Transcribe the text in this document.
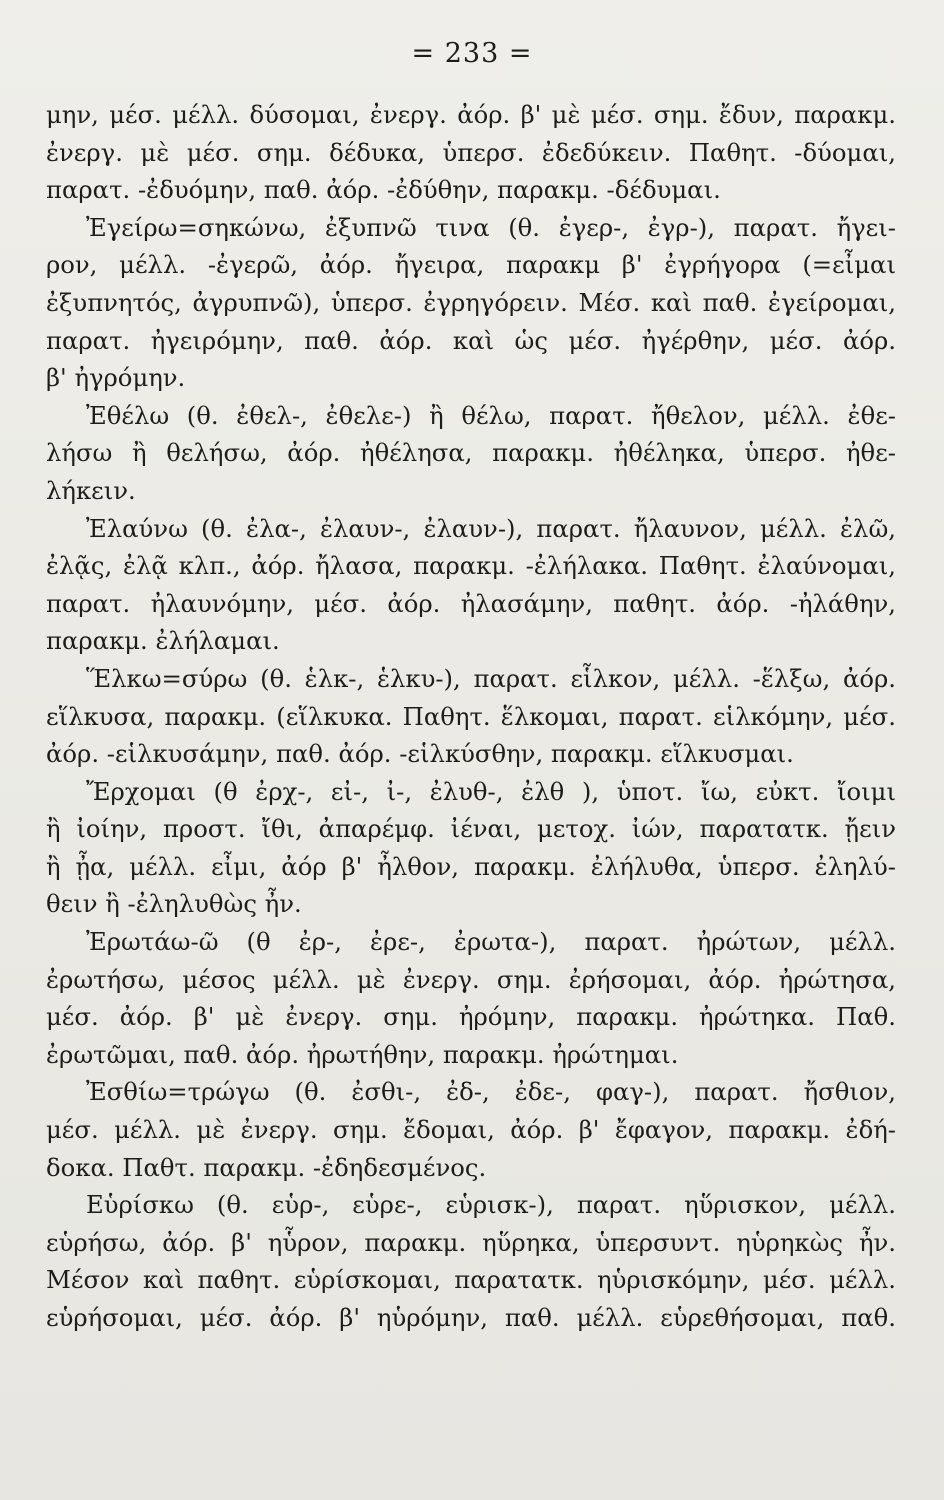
= 233 =
μην, μέσ. μέλλ. δύσομαι, ἐνεργ. ἀόρ. β' μὲ μέσ. σημ. ἔδυν, παρακμ.
ἐνεργ. μὲ μέσ. σημ. δέδυκα, ὑπερσ. ἐδεδύκειν. Παθητ. -δύομαι,
παρατ. -ἐδυόμην, παθ. ἀόρ. -ἐδύθην, παρακμ. -δέδυμαι.
Ἐγείρω=σηκώνω, ἐξυπνῶ τινα (θ. ἐγερ-, ἐγρ-), παρατ. ἤγει-
ρον, μέλλ. -ἐγερῶ, ἀόρ. ἤγειρα, παρακμ β' ἐγρήγορα (=εἶμαι
ἐξυπνητός, ἀγρυπνῶ), ὑπερσ. ἐγρηγόρειν. Μέσ. καὶ παθ. ἐγείρομαι,
παρατ. ἠγειρόμην, παθ. ἀόρ. καὶ ὡς μέσ. ἠγέρθην, μέσ. ἀόρ.
β' ἠγρόμην.
Ἐθέλω (θ. ἐθελ-, ἐθελε-) ἢ θέλω, παρατ. ἤθελον, μέλλ. ἐθε-
λήσω ἢ θελήσω, ἀόρ. ἠθέλησα, παρακμ. ἠθέληκα, ὑπερσ. ἠθε-
λήκειν.
Ἐλαύνω (θ. ἐλα-, ἐλαυν-, ἐλαυν-), παρατ. ἤλαυνον, μέλλ. ἐλῶ,
ἐλᾷς, ἐλᾷ κλπ., ἀόρ. ἤλασα, παρακμ. -ἐλήλακα. Παθητ. ἐλαύνομαι,
παρατ. ἠλαυνόμην, μέσ. ἀόρ. ἠλασάμην, παθητ. ἀόρ. -ἠλάθην,
παρακμ. ἐλήλαμαι.
Ἕλκω=σύρω (θ. ἑλκ-, ἑλκυ-), παρατ. εἷλκον, μέλλ. -ἕλξω, ἀόρ.
εἵλκυσα, παρακμ. (εἵλκυκα. Παθητ. ἕλκομαι, παρατ. εἱλκόμην, μέσ.
ἀόρ. -εἱλκυσάμην, παθ. ἀόρ. -εἱλκύσθην, παρακμ. εἵλκυσμαι.
Ἔρχομαι (θ ἐρχ-, εἰ-, ἰ-, ἐλυθ-, ἐλθ ), ὑποτ. ἴω, εὐκτ. ἴοιμι
ἢ ἰοίην, προστ. ἴθι, ἀπαρέμφ. ἰέναι, μετοχ. ἰών, παρατατκ. ᾔειν
ἢ ᾖα, μέλλ. εἶμι, ἀόρ β' ἦλθον, παρακμ. ἐλήλυθα, ὑπερσ. ἐληλύ-
θειν ἢ -ἐληλυθὼς ἦν.
Ἐρωτάω-ῶ (θ ἐρ-, ἐρε-, ἐρωτα-), παρατ. ἠρώτων, μέλλ.
ἐρωτήσω, μέσος μέλλ. μὲ ἐνεργ. σημ. ἐρήσομαι, ἀόρ. ἠρώτησα,
μέσ. ἀόρ. β' μὲ ἐνεργ. σημ. ἠρόμην, παρακμ. ἠρώτηκα. Παθ.
ἐρωτῶμαι, παθ. ἀόρ. ἠρωτήθην, παρακμ. ἠρώτημαι.
Ἐσθίω=τρώγω (θ. ἐσθι-, ἐδ-, ἐδε-, φαγ-), παρατ. ἤσθιον,
μέσ. μέλλ. μὲ ἐνεργ. σημ. ἔδομαι, ἀόρ. β' ἔφαγον, παρακμ. ἐδή-
δοκα. Παθτ. παρακμ. -ἐδηδεσμένος.
Εὑρίσκω (θ. εὑρ-, εὑρε-, εὑρισκ-), παρατ. ηὕρισκον, μέλλ.
εὑρήσω, ἀόρ. β' ηὗρον, παρακμ. ηὕρηκα, ὑπερσυντ. ηὑρηκὼς ἦν.
Μέσον καὶ παθητ. εὑρίσκομαι, παρατατκ. ηὑρισκόμην, μέσ. μέλλ.
εὑρήσομαι, μέσ. ἀόρ. β' ηὑρόμην, παθ. μέλλ. εὑρεθήσομαι, παθ.
